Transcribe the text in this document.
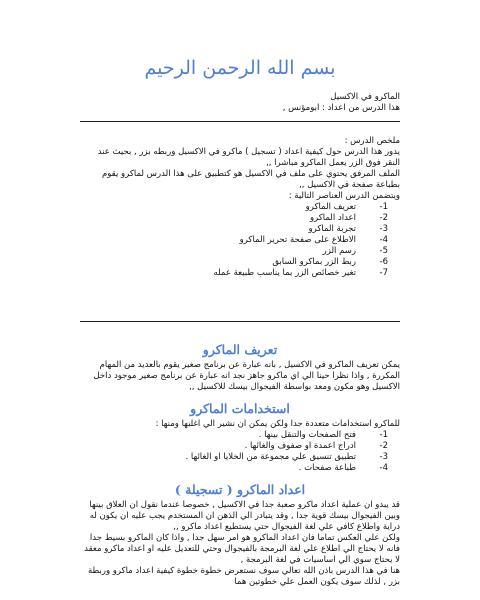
بسم الله الرحمن الرحيم
الماكرو في الاكسيل
هذا الدرس من اعداد : ابومؤنس ,

ملخص الدرس :

يدور هذا الدرس حول كيفية اعداد ( تسجيل ) ماكرو في الاكسيل وربطه بزر , بحيث عند النقر فوق الزر يعمل الماكرو مباشرا ,,

الملف المرفق يحتوي على ملف في الاكسيل هو كتطبيق على هذا الدرس لماكرو يقوم بطباعة صفحة في الاكسيل ,,

ويتضمن الدرس العناصر التالية :

1-
تعريف الماكرو
2-
اعداد الماكرو
3-
تجربة الماكرو
4-
الاطلاع على صفحة تحرير الماكرو
5-
رسم الزر
6-
ربط الزر بماكرو السابق
7-
تغير خصائص الزر بما يناسب طبيعة عمله
تعريف الماكرو

يمكن تعريف الماكرو في الاكسيل , بانه عبارة عن برنامج صغير يقوم بالعديد من المهام المكررة , واذا نظرا حينا الي اي ماكرو جاهز نجد انه عبارة عن برنامج صغير موجود داخل الاكسيل وهو مكون ومعد بواسطة الفيجوال بيسك للاكسيل ,,

استخدامات الماكرو

للماكرو استخدامات متعددة جدا ولكن يمكن ان نشير الي اغلبها ومنها :

1-
فتح الصفحات والتنقل بينها .
2-
ادراج اعمدة او صفوف والغائها .
3-
تطبيق تنسيق علي مجموعة من الخلايا او الغائها .
4-
طباعة صفحات .
اعداد الماكرو ( تسجيلة )

قد يبدو ان عملية اعداد ماكرو صعبة جدا في الاكسيل , خصوصا عندما نقول ان العلاق بينها وبين الفيجوال بيسك قوية جدا , وقد يتبادر الي الذهن ان المستخدم يجب عليه ان يكون له دراية واطلاع كافي علي لغة الفيجوال حتي يستطيع اعداد ماكرو ,,

ولكن علي العكس تماما فان اعداد الماكرو هو امر سهل جدا , واذا كان الماكرو بسيط جدا فانه لا يحتاج الي اطلاع علي لغة البرمجة بالفيجوال وحتي للتعديل عليه او اعداد ماكرو معقد لا يحتاج سوي الي اساسيات في لغة البرمجة ,

هنا في هذا الدرس باذن الله تعالي سوف نستعرض خطوة خطوة كيفية اعداد ماكرو وربطة بزر , لذلك سوف يكون العمل علي خطوتين هما
